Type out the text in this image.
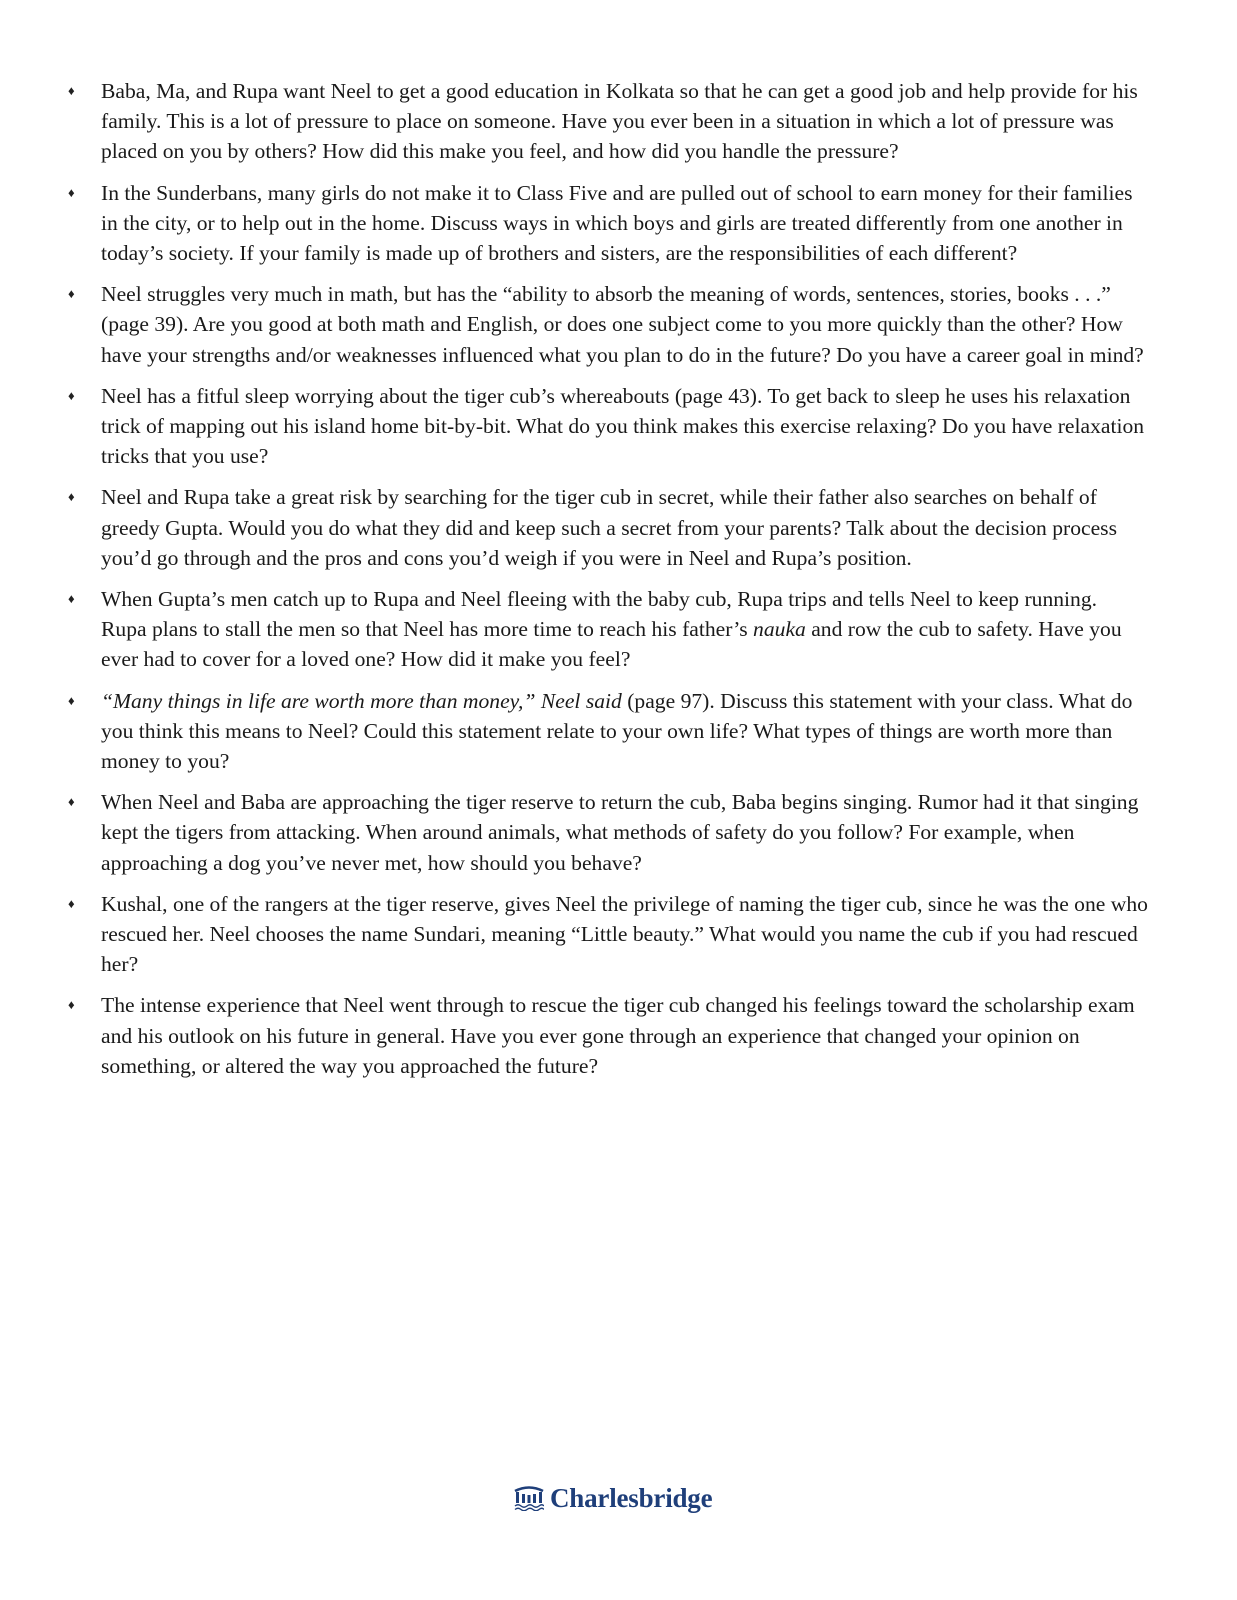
♦ Baba, Ma, and Rupa want Neel to get a good education in Kolkata so that he can get a good job and help provide for his family. This is a lot of pressure to place on someone. Have you ever been in a situation in which a lot of pressure was placed on you by others? How did this make you feel, and how did you handle the pressure?
♦ In the Sunderbans, many girls do not make it to Class Five and are pulled out of school to earn money for their families in the city, or to help out in the home. Discuss ways in which boys and girls are treated differently from one another in today’s society. If your family is made up of brothers and sisters, are the responsibilities of each different?
♦ Neel struggles very much in math, but has the “ability to absorb the meaning of words, sentences, stories, books . . .” (page 39). Are you good at both math and English, or does one subject come to you more quickly than the other? How have your strengths and/or weaknesses influenced what you plan to do in the future? Do you have a career goal in mind?
♦ Neel has a fitful sleep worrying about the tiger cub’s whereabouts (page 43). To get back to sleep he uses his relaxation trick of mapping out his island home bit-by-bit. What do you think makes this exercise relaxing? Do you have relaxation tricks that you use?
♦ Neel and Rupa take a great risk by searching for the tiger cub in secret, while their father also searches on behalf of greedy Gupta. Would you do what they did and keep such a secret from your parents? Talk about the decision process you’d go through and the pros and cons you’d weigh if you were in Neel and Rupa’s position.
♦ When Gupta’s men catch up to Rupa and Neel fleeing with the baby cub, Rupa trips and tells Neel to keep running. Rupa plans to stall the men so that Neel has more time to reach his father’s nauka and row the cub to safety. Have you ever had to cover for a loved one? How did it make you feel?
♦ “Many things in life are worth more than money,” Neel said (page 97). Discuss this statement with your class. What do you think this means to Neel? Could this statement relate to your own life? What types of things are worth more than money to you?
♦ When Neel and Baba are approaching the tiger reserve to return the cub, Baba begins singing. Rumor had it that singing kept the tigers from attacking. When around animals, what methods of safety do you follow? For example, when approaching a dog you’ve never met, how should you behave?
♦ Kushal, one of the rangers at the tiger reserve, gives Neel the privilege of naming the tiger cub, since he was the one who rescued her. Neel chooses the name Sundari, meaning “Little beauty.” What would you name the cub if you had rescued her?
♦ The intense experience that Neel went through to rescue the tiger cub changed his feelings toward the scholarship exam and his outlook on his future in general. Have you ever gone through an experience that changed your opinion on something, or altered the way you approached the future?
Charlesbridge
